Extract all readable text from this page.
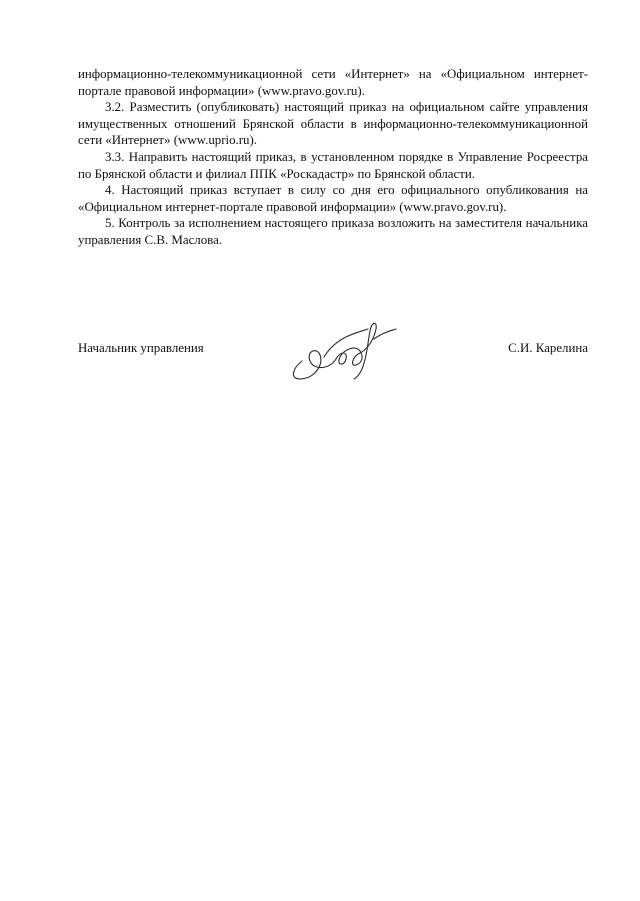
информационно-телекоммуникационной сети «Интернет» на «Официальном интернет-портале правовой информации» (www.pravo.gov.ru).

3.2. Разместить (опубликовать) настоящий приказ на официальном сайте управления имущественных отношений Брянской области в информационно-телекоммуникационной сети «Интернет» (www.uprio.ru).

3.3. Направить настоящий приказ, в установленном порядке в Управление Росреестра по Брянской области и филиал ППК «Роскадастр» по Брянской области.

4. Настоящий приказ вступает в силу со дня его официального опубликования на «Официальном интернет-портале правовой информации» (www.pravo.gov.ru).

5. Контроль за исполнением настоящего приказа возложить на заместителя начальника управления С.В. Маслова.

Начальник управления	С.И. Карелина
